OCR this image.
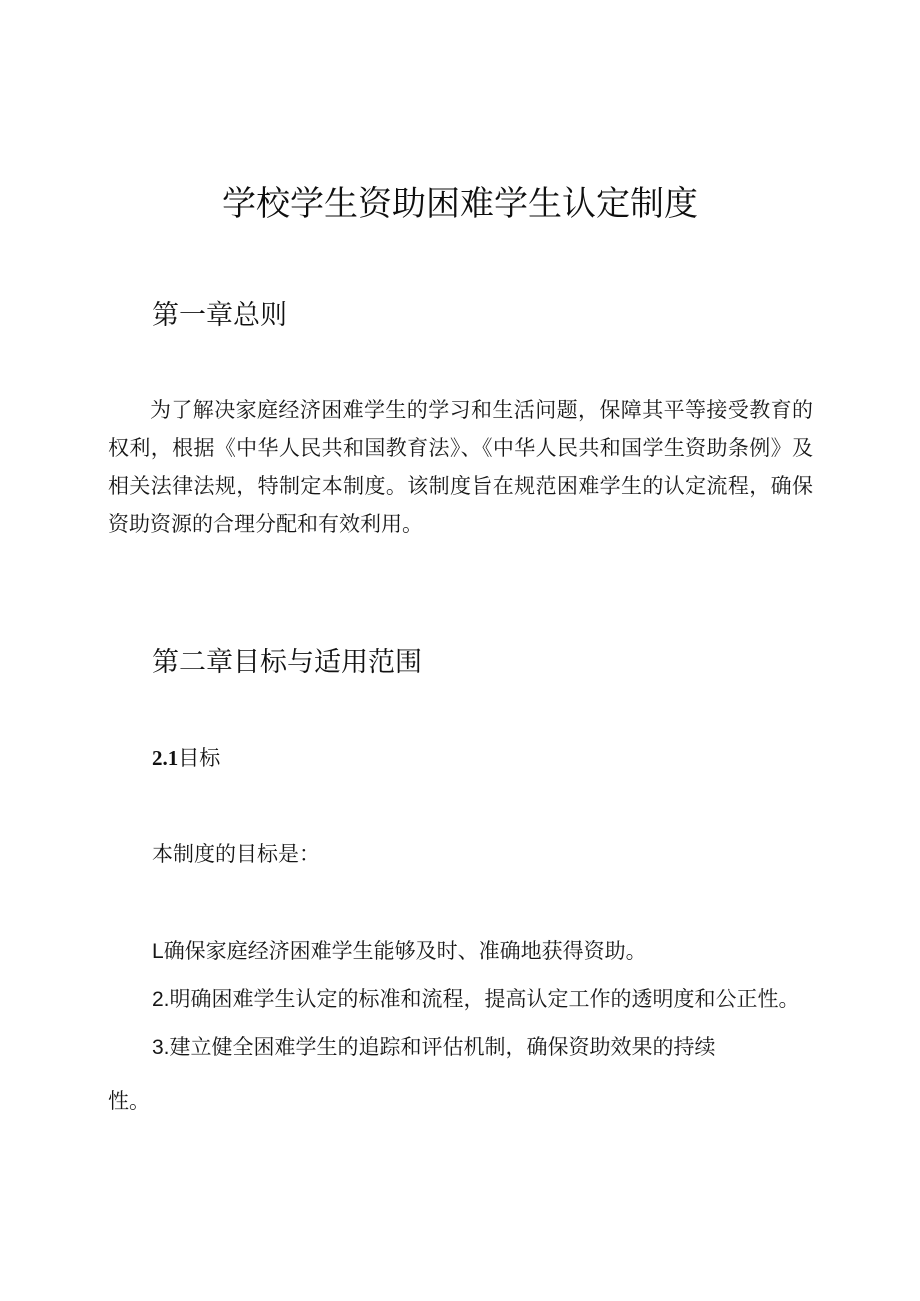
学校学生资助困难学生认定制度
第一章总则

为了解决家庭经济困难学生的学习和生活问题，保障其平等接受教育的权利，根据《中华人民共和国教育法》、《中华人民共和国学生资助条例》及相关法律法规，特制定本制度。该制度旨在规范困难学生的认定流程，确保资助资源的合理分配和有效利用。

第二章目标与适用范围
2.1目标

本制度的目标是：

L确保家庭经济困难学生能够及时、准确地获得资助。

2.明确困难学生认定的标准和流程，提高认定工作的透明度和公正性。

3.建立健全困难学生的追踪和评估机制，确保资助效果的持续

性。
